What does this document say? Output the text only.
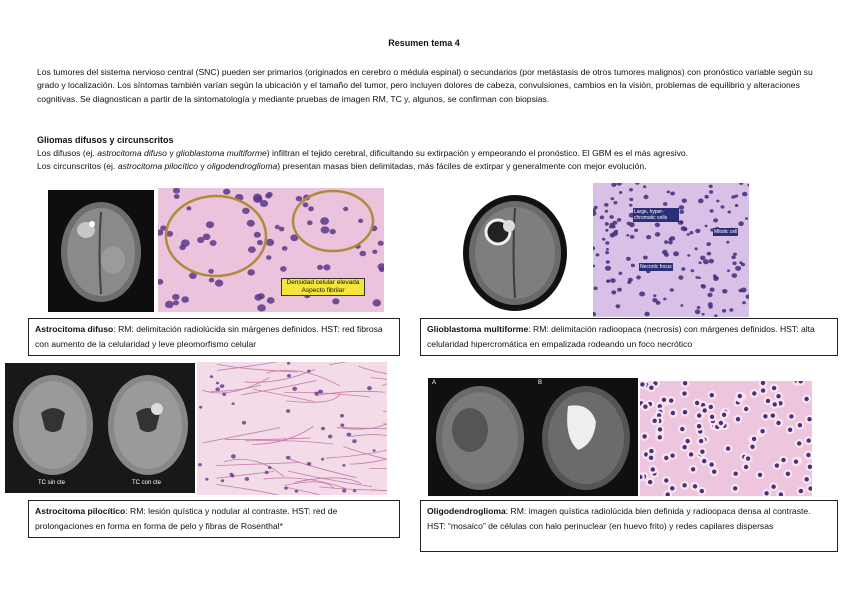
Resumen tema 4
Los tumores del sistema nervioso central (SNC) pueden ser primarios (originados en cerebro o médula espinal) o secundarios (por metástasis de otros tumores malignos) con pronóstico variable según su grado y localización. Los síntomas también varían según la ubicación y el tamaño del tumor, pero incluyen dolores de cabeza, convulsiones, cambios en la visión, problemas de equilibrio y alteraciones cognitivas. Se diagnostican a partir de la sintomatología y mediante pruebas de imagen RM, TC y, algunos, se confirman con biopsias.
Gliomas difusos y circunscritos
Los difusos (ej. astrocitoma difuso y glioblastoma multiforme) infiltran el tejido cerebral, dificultando su extirpación y empeorando el pronóstico. El GBM es el más agresivo.
Los circunscritos (ej. astrocitoma pilocítico y oligodendroglioma) presentan masas bien delimitadas, más fáciles de extirpar y generalmente con mejor evolución.
Densidad celular elevada
Aspecto fibrilar
Astrocitoma difuso: RM: delimitación radiolúcida sin márgenes definidos. HST: red fibrosa con aumento de la celularidad y leve pleomorfismo celular
Large, hyper-chromatic cells
Mitotic cell
Necrotic focus
Glioblastoma multiforme: RM: delimitación radioopaca (necrosis) con márgenes definidos. HST: alta celularidad hipercromática en empalizada rodeando un foco necrótico
TC sin cte	TC con cte
Astrocitoma pilocítico: RM: lesión quística y nodular al contraste. HST: red de prolongaciones en forma en forma de pelo y fibras de Rosenthal*
A	B
Oligodendroglioma: RM: imagen quística radiolúcida bien definida y radioopaca densa al contraste. HST: “mosaico” de células con halo perinuclear (en huevo frito) y redes capilares dispersas
